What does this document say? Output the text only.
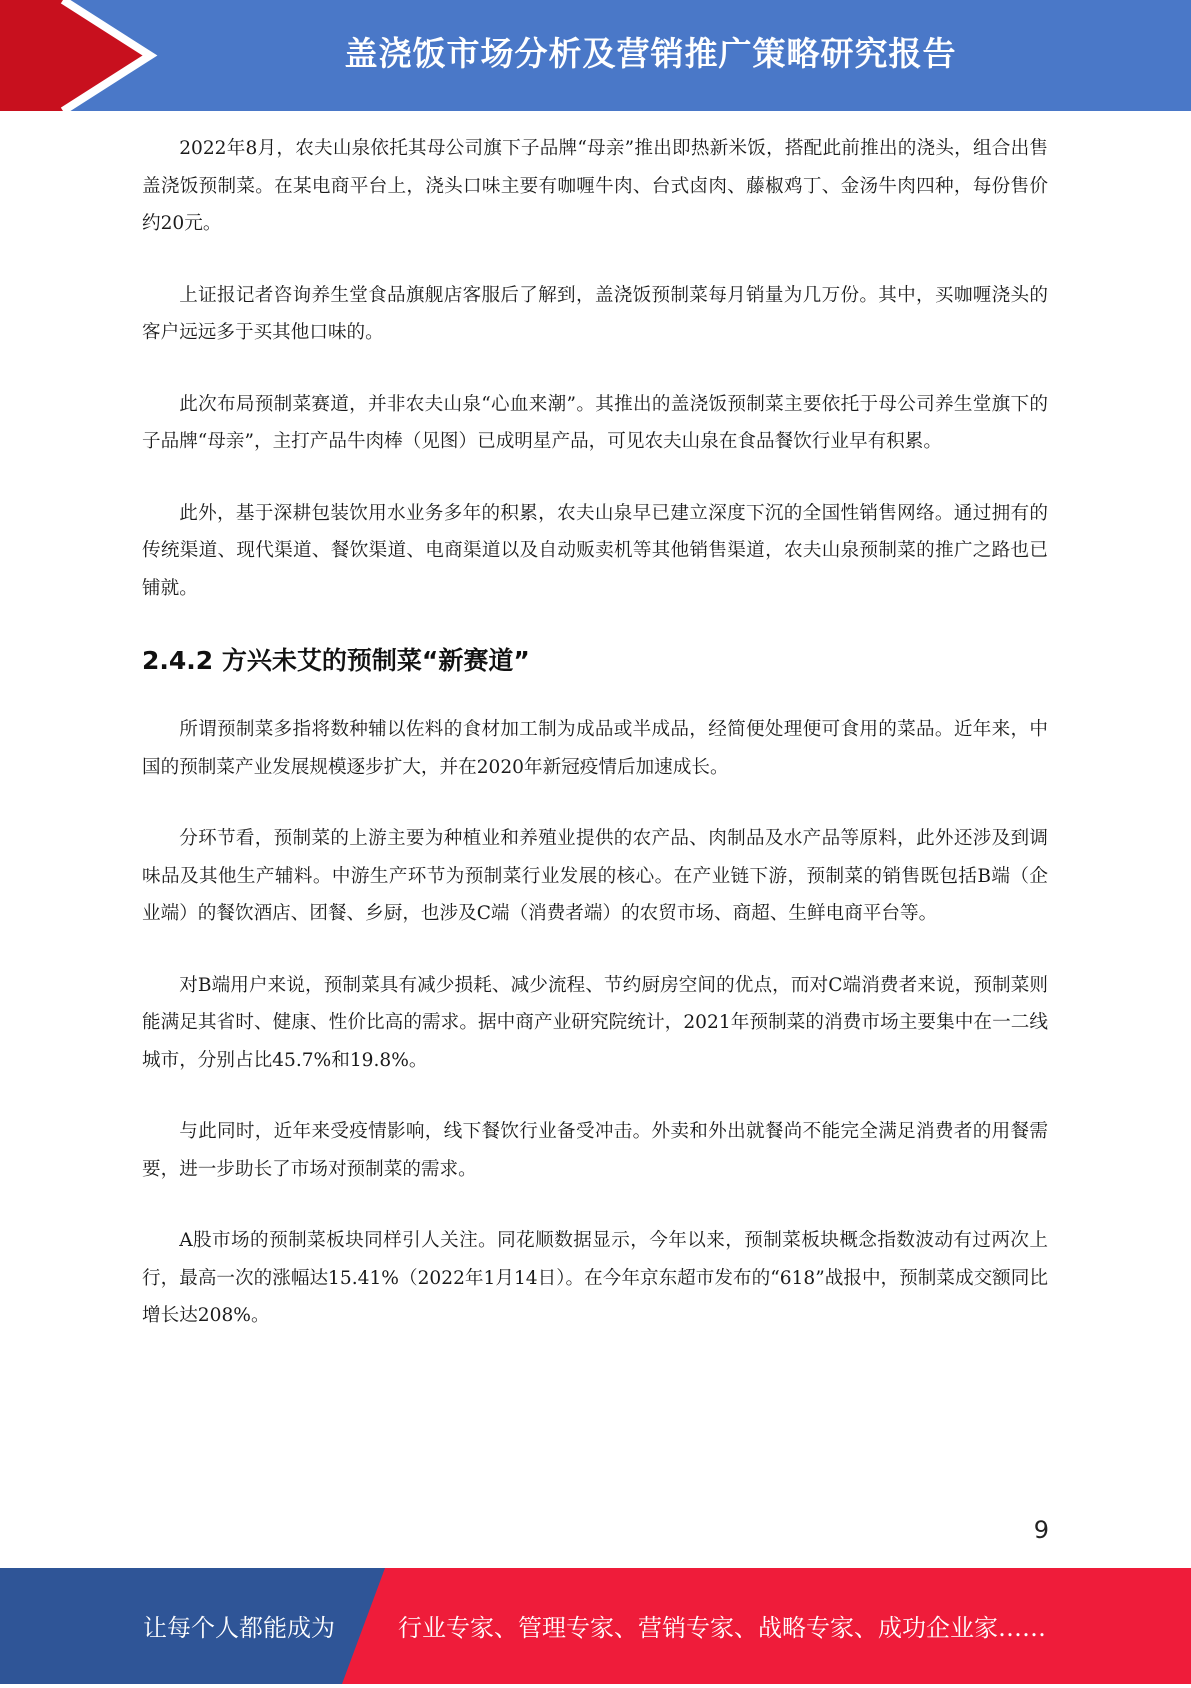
盖浇饭市场分析及营销推广策略研究报告

2022年8月，农夫山泉依托其母公司旗下子品牌“母亲”推出即热新米饭，搭配此前推出的浇头，组合出售盖浇饭预制菜。在某电商平台上，浇头口味主要有咖喱牛肉、台式卤肉、藤椒鸡丁、金汤牛肉四种，每份售价约20元。

上证报记者咨询养生堂食品旗舰店客服后了解到，盖浇饭预制菜每月销量为几万份。其中，买咖喱浇头的客户远远多于买其他口味的。

此次布局预制菜赛道，并非农夫山泉“心血来潮”。其推出的盖浇饭预制菜主要依托于母公司养生堂旗下的子品牌“母亲”，主打产品牛肉棒（见图）已成明星产品，可见农夫山泉在食品餐饮行业早有积累。

此外，基于深耕包装饮用水业务多年的积累，农夫山泉早已建立深度下沉的全国性销售网络。通过拥有的传统渠道、现代渠道、餐饮渠道、电商渠道以及自动贩卖机等其他销售渠道，农夫山泉预制菜的推广之路也已铺就。

2.4.2 方兴未艾的预制菜“新赛道”

所谓预制菜多指将数种辅以佐料的食材加工制为成品或半成品，经简便处理便可食用的菜品。近年来，中国的预制菜产业发展规模逐步扩大，并在2020年新冠疫情后加速成长。

分环节看，预制菜的上游主要为种植业和养殖业提供的农产品、肉制品及水产品等原料，此外还涉及到调味品及其他生产辅料。中游生产环节为预制菜行业发展的核心。在产业链下游，预制菜的销售既包括B端（企业端）的餐饮酒店、团餐、乡厨，也涉及C端（消费者端）的农贸市场、商超、生鲜电商平台等。

对B端用户来说，预制菜具有减少损耗、减少流程、节约厨房空间的优点，而对C端消费者来说，预制菜则能满足其省时、健康、性价比高的需求。据中商产业研究院统计，2021年预制菜的消费市场主要集中在一二线城市，分别占比45.7%和19.8%。

与此同时，近年来受疫情影响，线下餐饮行业备受冲击。外卖和外出就餐尚不能完全满足消费者的用餐需要，进一步助长了市场对预制菜的需求。

A股市场的预制菜板块同样引人关注。同花顺数据显示，今年以来，预制菜板块概念指数波动有过两次上行，最高一次的涨幅达15.41%（2022年1月14日）。在今年京东超市发布的“618”战报中，预制菜成交额同比增长达208%。

9
让每个人都能成为	行业专家、管理专家、营销专家、战略专家、成功企业家……
